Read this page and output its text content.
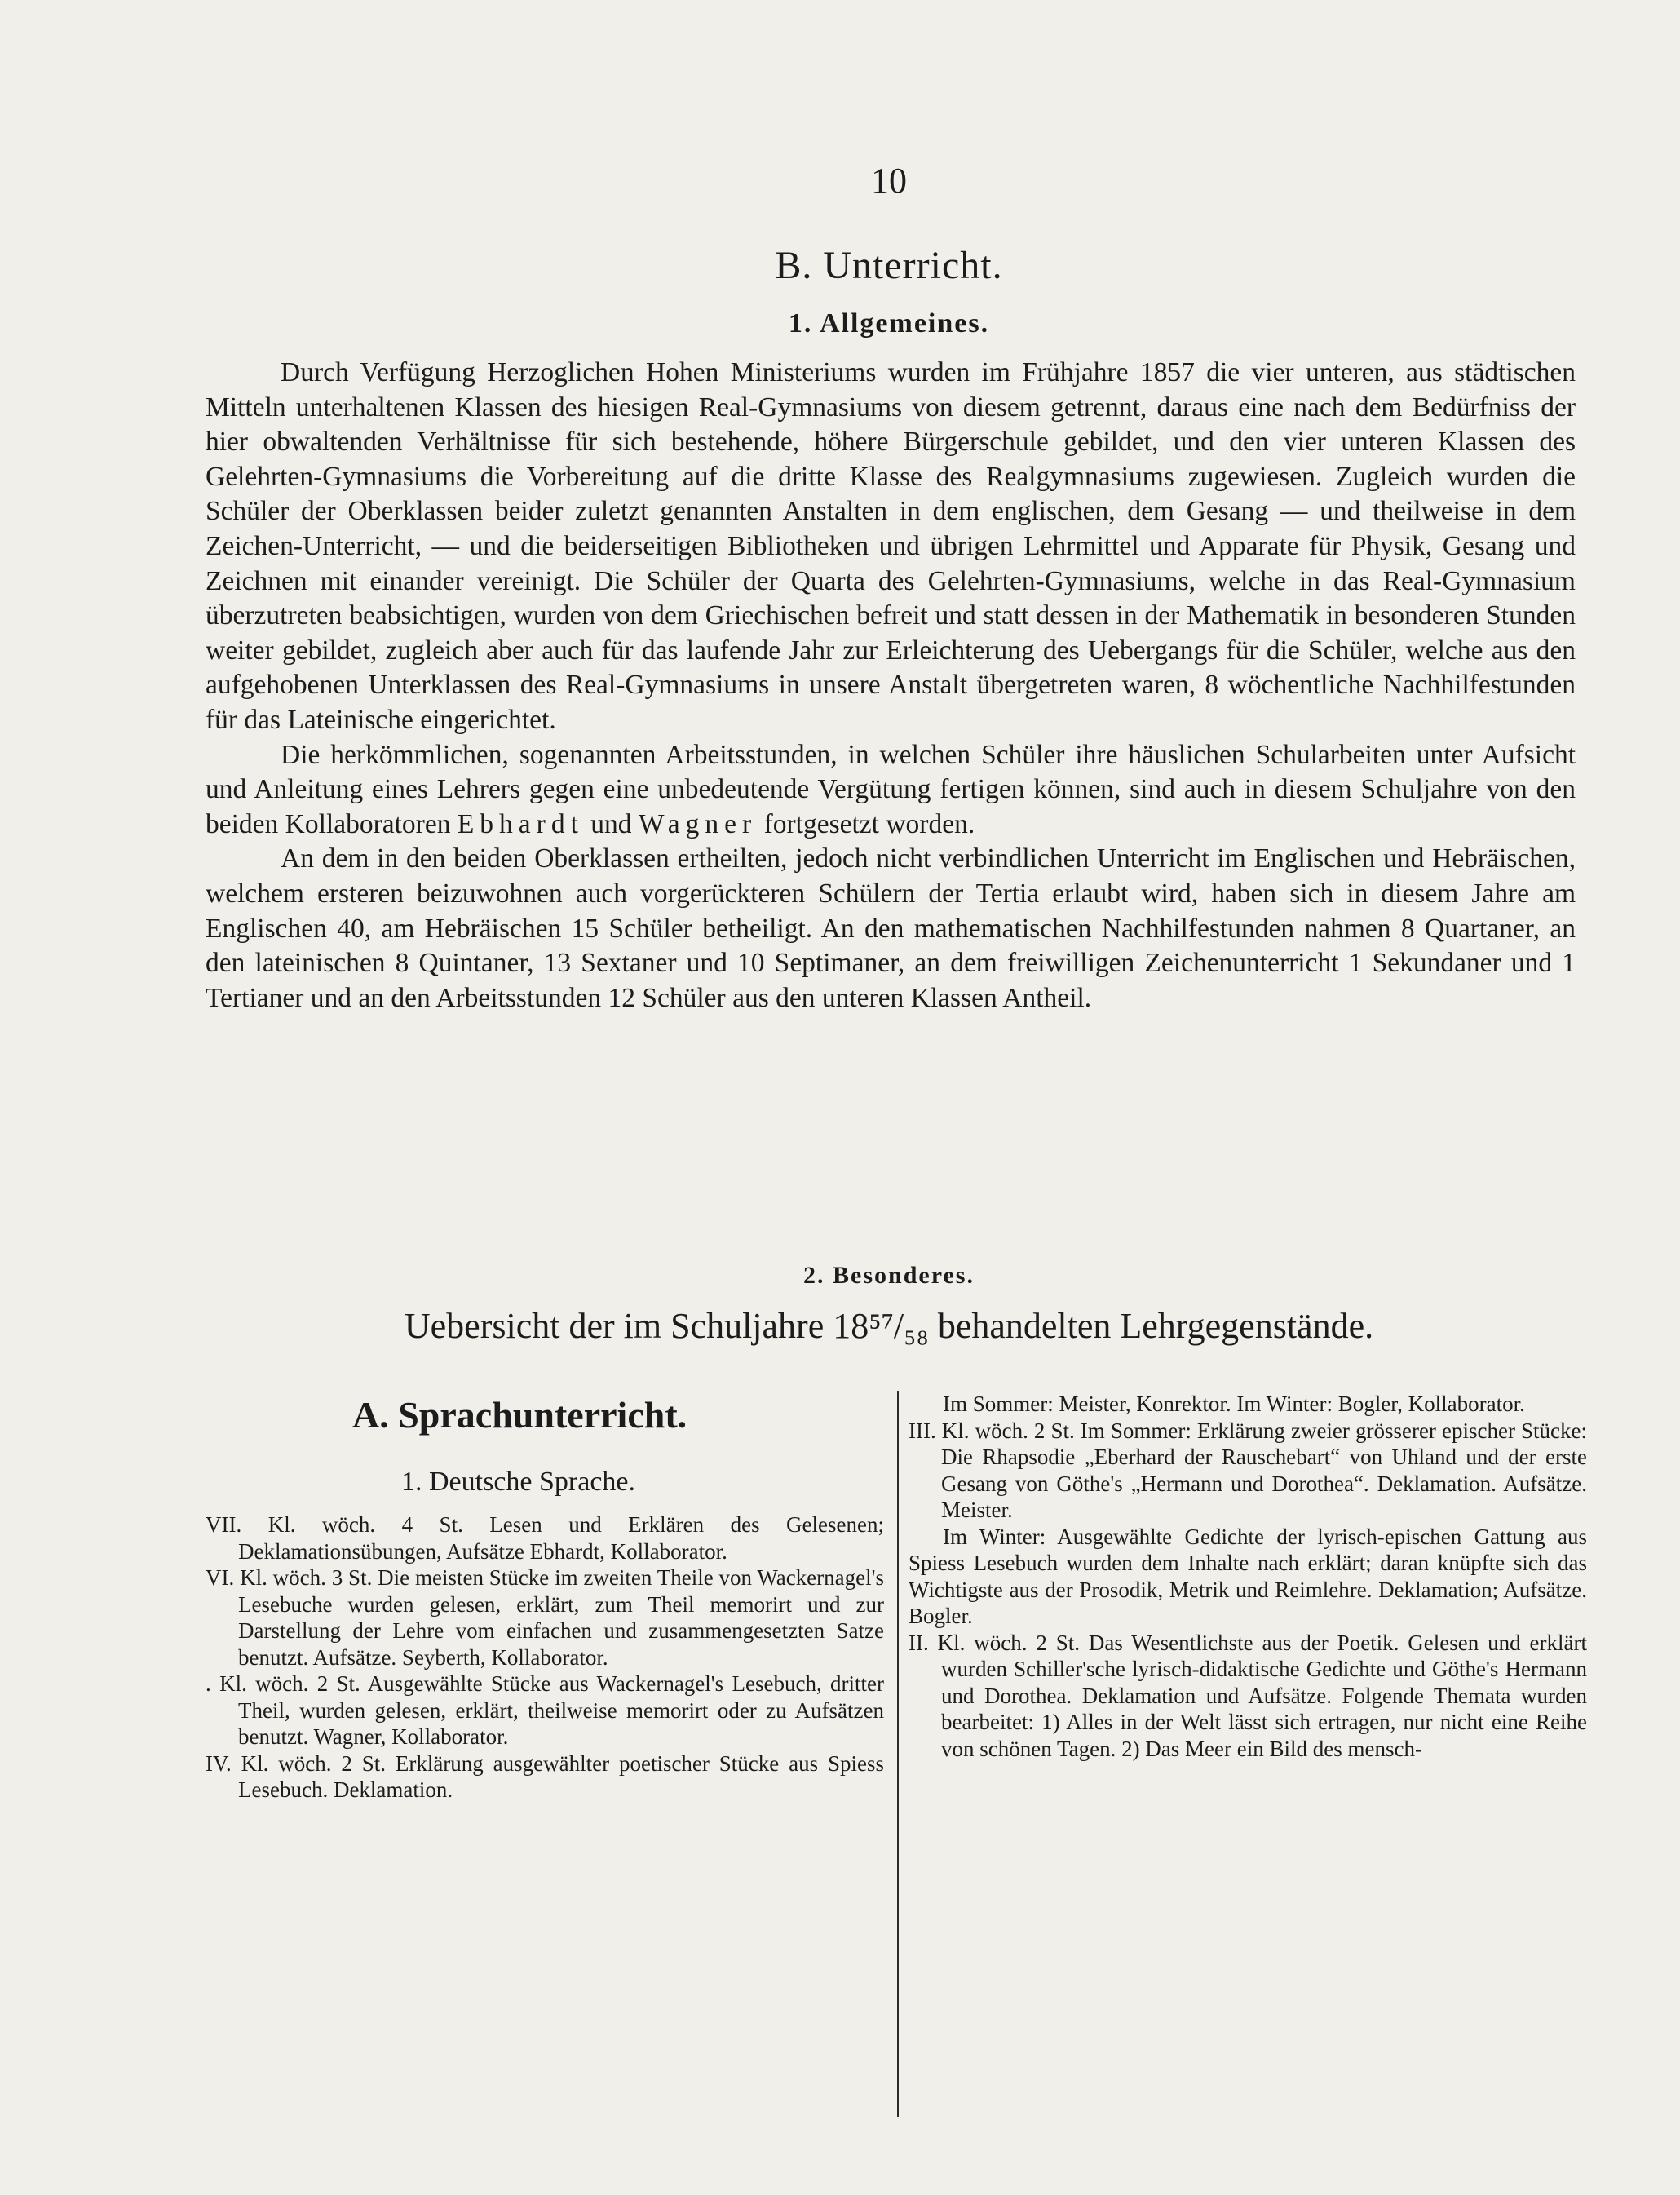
10
B. Unterricht.
1. Allgemeines.

Durch Verfügung Herzoglichen Hohen Ministeriums wurden im Frühjahre 1857 die vier unteren, aus städtischen Mitteln unterhaltenen Klassen des hiesigen Real-Gymnasiums von diesem getrennt, daraus eine nach dem Bedürfniss der hier obwaltenden Verhältnisse für sich bestehende, höhere Bürgerschule gebildet, und den vier unteren Klassen des Gelehrten-Gymnasiums die Vorbereitung auf die dritte Klasse des Realgymnasiums zugewiesen. Zugleich wurden die Schüler der Oberklassen beider zuletzt genannten Anstalten in dem englischen, dem Gesang — und theilweise in dem Zeichen-Unterricht, — und die beiderseitigen Bibliotheken und übrigen Lehrmittel und Apparate für Physik, Gesang und Zeichnen mit einander vereinigt. Die Schüler der Quarta des Gelehrten-Gymnasiums, welche in das Real-Gymnasium überzutreten beabsichtigen, wurden von dem Griechischen befreit und statt dessen in der Mathematik in besonderen Stunden weiter gebildet, zugleich aber auch für das laufende Jahr zur Erleichterung des Uebergangs für die Schüler, welche aus den aufgehobenen Unterklassen des Real-Gymnasiums in unsere Anstalt übergetreten waren, 8 wöchentliche Nachhilfestunden für das Lateinische eingerichtet.

Die herkömmlichen, sogenannten Arbeitsstunden, in welchen Schüler ihre häuslichen Schularbeiten unter Aufsicht und Anleitung eines Lehrers gegen eine unbedeutende Vergütung fertigen können, sind auch in diesem Schuljahre von den beiden Kollaboratoren Ebhardt und Wagner fortgesetzt worden.

An dem in den beiden Oberklassen ertheilten, jedoch nicht verbindlichen Unterricht im Englischen und Hebräischen, welchem ersteren beizuwohnen auch vorgerückteren Schülern der Tertia erlaubt wird, haben sich in diesem Jahre am Englischen 40, am Hebräischen 15 Schüler betheiligt. An den mathematischen Nachhilfestunden nahmen 8 Quartaner, an den lateinischen 8 Quintaner, 13 Sextaner und 10 Septimaner, an dem freiwilligen Zeichenunterricht 1 Sekundaner und 1 Tertianer und an den Arbeitsstunden 12 Schüler aus den unteren Klassen Antheil.

2. Besonderes.
Uebersicht der im Schuljahre 18⁵⁷/₅₈ behandelten Lehrgegenstände.
A. Sprachunterricht.
1. Deutsche Sprache.

VII. Kl. wöch. 4 St. Lesen und Erklären des Gelesenen; Deklamationsübungen, Aufsätze Ebhardt, Kollaborator.

VI. Kl. wöch. 3 St. Die meisten Stücke im zweiten Theile von Wackernagel's Lesebuche wurden gelesen, erklärt, zum Theil memorirt und zur Darstellung der Lehre vom einfachen und zusammengesetzten Satze benutzt. Aufsätze. Seyberth, Kollaborator.

. Kl. wöch. 2 St. Ausgewählte Stücke aus Wackernagel's Lesebuch, dritter Theil, wurden gelesen, erklärt, theilweise memorirt oder zu Aufsätzen benutzt. Wagner, Kollaborator.

IV. Kl. wöch. 2 St. Erklärung ausgewählter poetischer Stücke aus Spiess Lesebuch. Deklamation.

Im Sommer: Meister, Konrektor. Im Winter: Bogler, Kollaborator.

III. Kl. wöch. 2 St. Im Sommer: Erklärung zweier grösserer epischer Stücke: Die Rhapsodie „Eberhard der Rauschebart“ von Uhland und der erste Gesang von Göthe's „Hermann und Dorothea“. Deklamation. Aufsätze. Meister.

Im Winter: Ausgewählte Gedichte der lyrisch-epischen Gattung aus Spiess Lesebuch wurden dem Inhalte nach erklärt; daran knüpfte sich das Wichtigste aus der Prosodik, Metrik und Reimlehre. Deklamation; Aufsätze. Bogler.

II. Kl. wöch. 2 St. Das Wesentlichste aus der Poetik. Gelesen und erklärt wurden Schiller'sche lyrisch-didaktische Gedichte und Göthe's Hermann und Dorothea. Deklamation und Aufsätze. Folgende Themata wurden bearbeitet: 1) Alles in der Welt lässt sich ertragen, nur nicht eine Reihe von schönen Tagen. 2) Das Meer ein Bild des mensch-
